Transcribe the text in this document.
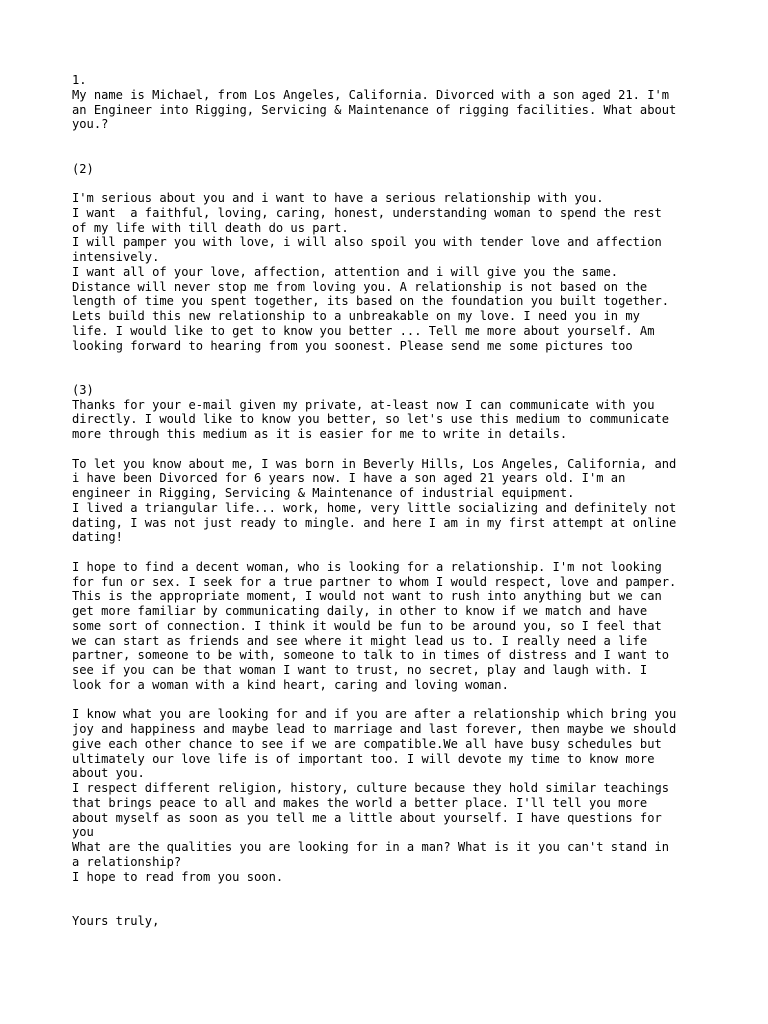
1.
My name is Michael, from Los Angeles, California. Divorced with a son aged 21. I'm
an Engineer into Rigging, Servicing & Maintenance of rigging facilities. What about
you.?
(2)
I'm serious about you and i want to have a serious relationship with you.
I want  a faithful, loving, caring, honest, understanding woman to spend the rest
of my life with till death do us part.
I will pamper you with love, i will also spoil you with tender love and affection
intensively.
I want all of your love, affection, attention and i will give you the same.
Distance will never stop me from loving you. A relationship is not based on the
length of time you spent together, its based on the foundation you built together.
Lets build this new relationship to a unbreakable on my love. I need you in my
life. I would like to get to know you better ... Tell me more about yourself. Am
looking forward to hearing from you soonest. Please send me some pictures too
(3)
Thanks for your e-mail given my private, at-least now I can communicate with you
directly. I would like to know you better, so let's use this medium to communicate
more through this medium as it is easier for me to write in details.
To let you know about me, I was born in Beverly Hills, Los Angeles, California, and
i have been Divorced for 6 years now. I have a son aged 21 years old. I'm an
engineer in Rigging, Servicing & Maintenance of industrial equipment.
I lived a triangular life... work, home, very little socializing and definitely not
dating, I was not just ready to mingle. and here I am in my first attempt at online
dating!
I hope to find a decent woman, who is looking for a relationship. I'm not looking
for fun or sex. I seek for a true partner to whom I would respect, love and pamper.
This is the appropriate moment, I would not want to rush into anything but we can
get more familiar by communicating daily, in other to know if we match and have
some sort of connection. I think it would be fun to be around you, so I feel that
we can start as friends and see where it might lead us to. I really need a life
partner, someone to be with, someone to talk to in times of distress and I want to
see if you can be that woman I want to trust, no secret, play and laugh with. I
look for a woman with a kind heart, caring and loving woman.
I know what you are looking for and if you are after a relationship which bring you
joy and happiness and maybe lead to marriage and last forever, then maybe we should
give each other chance to see if we are compatible.We all have busy schedules but
ultimately our love life is of important too. I will devote my time to know more
about you.
I respect different religion, history, culture because they hold similar teachings
that brings peace to all and makes the world a better place. I'll tell you more
about myself as soon as you tell me a little about yourself. I have questions for
you
What are the qualities you are looking for in a man? What is it you can't stand in
a relationship?
I hope to read from you soon.
Yours truly,
